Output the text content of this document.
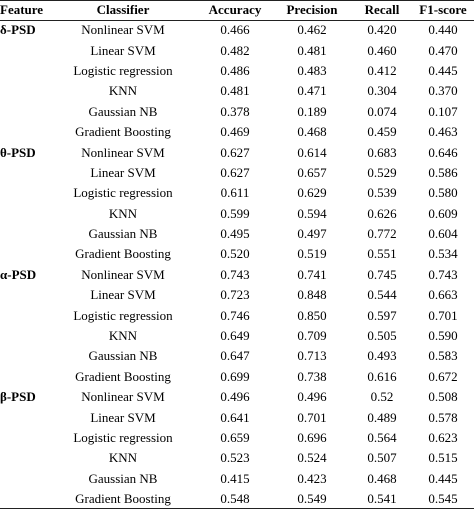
Feature	Classifier	Accuracy	Precision	Recall	F1-score
δ-PSD	Nonlinear SVM	0.466	0.462	0.420	0.440
	Linear SVM	0.482	0.481	0.460	0.470
	Logistic regression	0.486	0.483	0.412	0.445
	KNN	0.481	0.471	0.304	0.370
	Gaussian NB	0.378	0.189	0.074	0.107
	Gradient Boosting	0.469	0.468	0.459	0.463
θ-PSD	Nonlinear SVM	0.627	0.614	0.683	0.646
	Linear SVM	0.627	0.657	0.529	0.586
	Logistic regression	0.611	0.629	0.539	0.580
	KNN	0.599	0.594	0.626	0.609
	Gaussian NB	0.495	0.497	0.772	0.604
	Gradient Boosting	0.520	0.519	0.551	0.534
α-PSD	Nonlinear SVM	0.743	0.741	0.745	0.743
	Linear SVM	0.723	0.848	0.544	0.663
	Logistic regression	0.746	0.850	0.597	0.701
	KNN	0.649	0.709	0.505	0.590
	Gaussian NB	0.647	0.713	0.493	0.583
	Gradient Boosting	0.699	0.738	0.616	0.672
β-PSD	Nonlinear SVM	0.496	0.496	0.52	0.508
	Linear SVM	0.641	0.701	0.489	0.578
	Logistic regression	0.659	0.696	0.564	0.623
	KNN	0.523	0.524	0.507	0.515
	Gaussian NB	0.415	0.423	0.468	0.445
	Gradient Boosting	0.548	0.549	0.541	0.545
